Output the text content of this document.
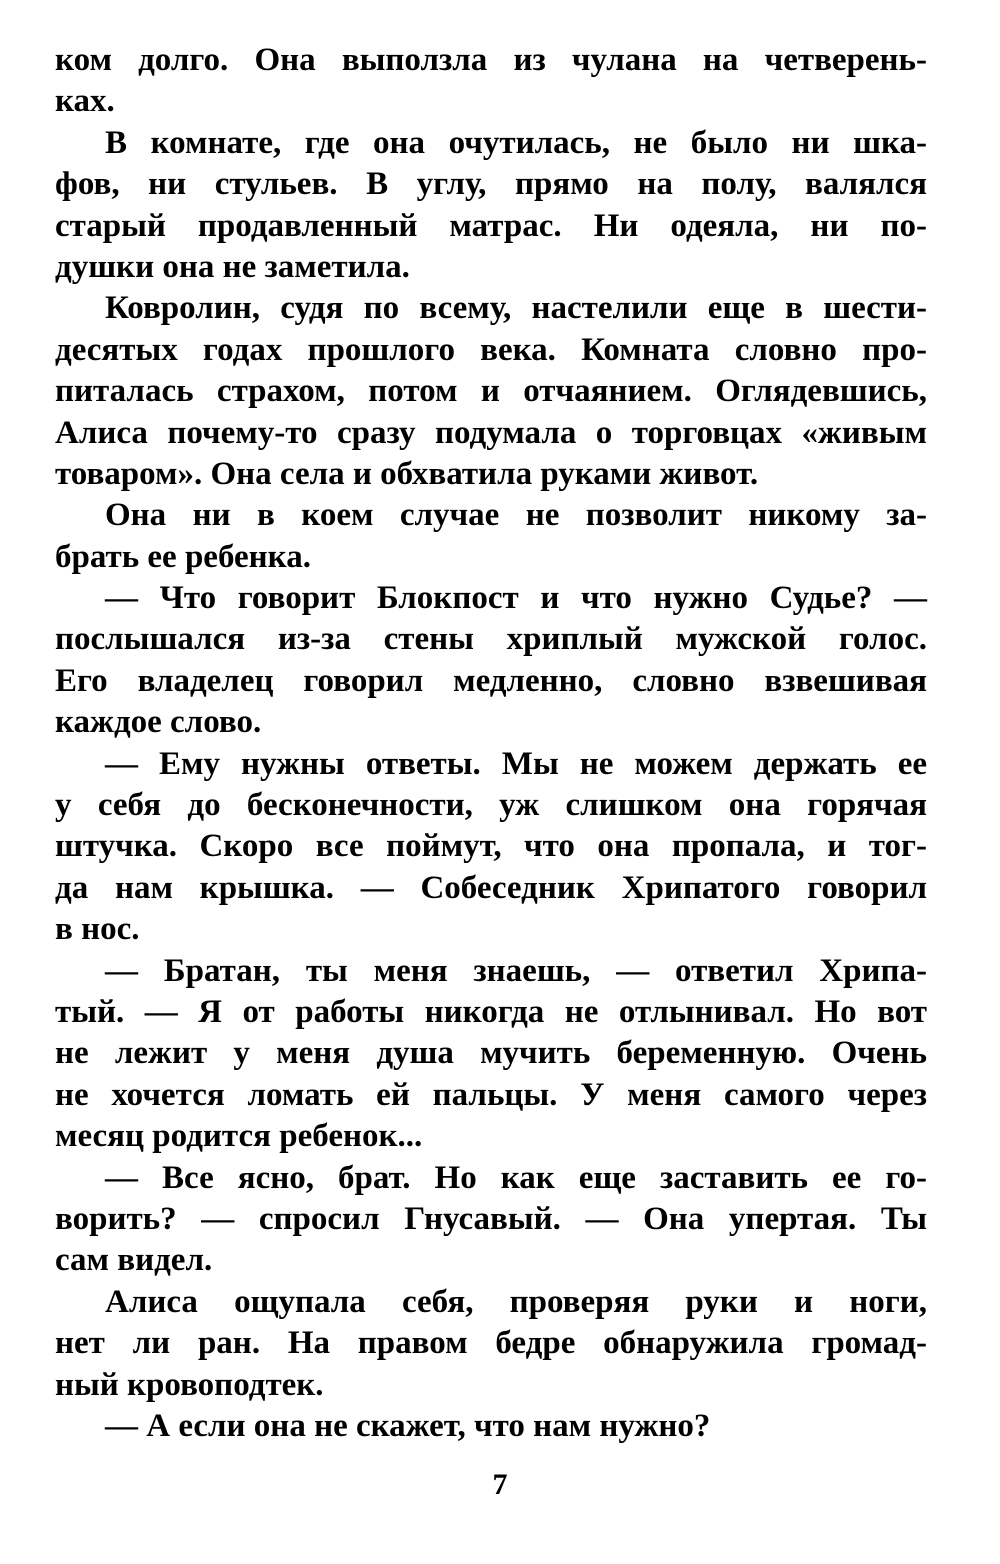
ком долго. Она выползла из чулана на четверень-
ках.
В комнате, где она очутилась, не было ни шка-
фов, ни стульев. В углу, прямо на полу, валялся
старый продавленный матрас. Ни одеяла, ни по-
душки она не заметила.
Ковролин, судя по всему, настелили еще в шести-
десятых годах прошлого века. Комната словно про-
питалась страхом, потом и отчаянием. Оглядевшись,
Алиса почему-то сразу подумала о торговцах «живым
товаром». Она села и обхватила руками живот.
Она ни в коем случае не позволит никому за-
брать ее ребенка.
— Что говорит Блокпост и что нужно Судье? —
послышался из-за стены хриплый мужской голос.
Его владелец говорил медленно, словно взвешивая
каждое слово.
— Ему нужны ответы. Мы не можем держать ее
у себя до бесконечности, уж слишком она горячая
штучка. Скоро все поймут, что она пропала, и тог-
да нам крышка. — Собеседник Хрипатого говорил
в нос.
— Братан, ты меня знаешь, — ответил Хрипа-
тый. — Я от работы никогда не отлынивал. Но вот
не лежит у меня душа мучить беременную. Очень
не хочется ломать ей пальцы. У меня самого через
месяц родится ребенок...
— Все ясно, брат. Но как еще заставить ее го-
ворить? — спросил Гнусавый. — Она упертая. Ты
сам видел.
Алиса ощупала себя, проверяя руки и ноги,
нет ли ран. На правом бедре обнаружила громад-
ный кровоподтек.
— А если она не скажет, что нам нужно?
7
